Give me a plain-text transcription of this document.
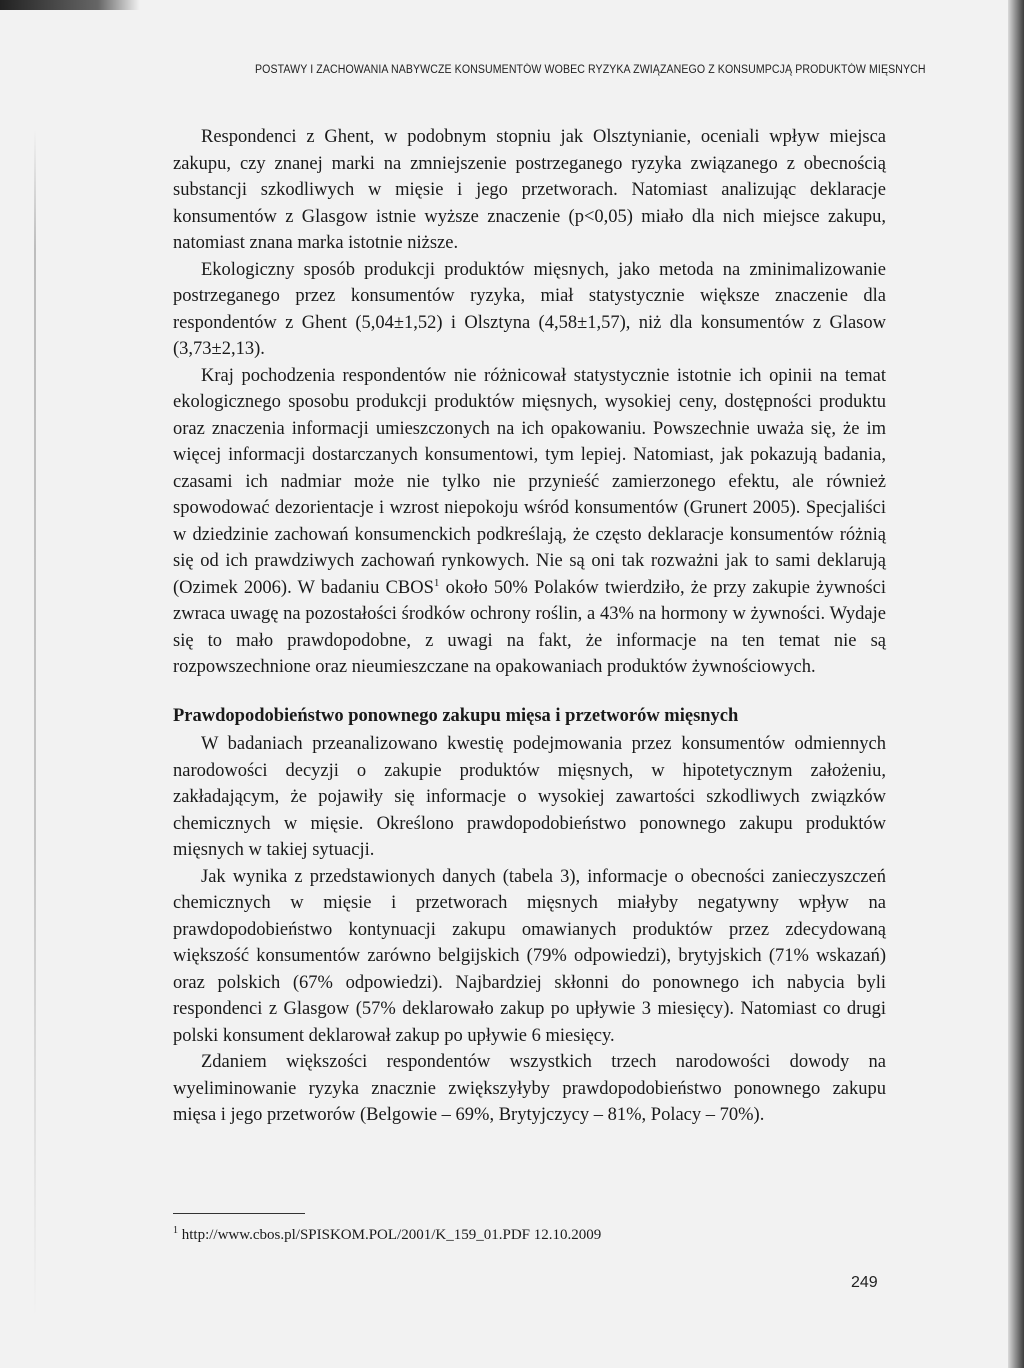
POSTAWY I ZACHOWANIA NABYWCZE KONSUMENTÓW WOBEC RYZYKA ZWIĄZANEGO Z KONSUMPCJĄ PRODUKTÓW MIĘSNYCH

Respondenci z Ghent, w podobnym stopniu jak Olsztynianie, oceniali wpływ miejsca zakupu, czy znanej marki na zmniejszenie postrzeganego ryzyka związanego z obecnością substancji szkodliwych w mięsie i jego przetworach. Natomiast analizując deklaracje konsumentów z Glasgow istnie wyższe znaczenie (p<0,05) miało dla nich miejsce zakupu, natomiast znana marka istotnie niższe.

Ekologiczny sposób produkcji produktów mięsnych, jako metoda na zminimalizowanie postrzeganego przez konsumentów ryzyka, miał statystycznie większe znaczenie dla respondentów z Ghent (5,04±1,52) i Olsztyna (4,58±1,57), niż dla konsumentów z Glasow (3,73±2,13).

Kraj pochodzenia respondentów nie różnicował statystycznie istotnie ich opinii na temat ekologicznego sposobu produkcji produktów mięsnych, wysokiej ceny, dostępności produktu oraz znaczenia informacji umieszczonych na ich opakowaniu. Powszechnie uważa się, że im więcej informacji dostarczanych konsumentowi, tym lepiej. Natomiast, jak pokazują badania, czasami ich nadmiar może nie tylko nie przynieść zamierzonego efektu, ale również spowodować dezorientacje i wzrost niepokoju wśród konsumentów (Grunert 2005). Specjaliści w dziedzinie zachowań konsumenckich podkreślają, że często deklaracje konsumentów różnią się od ich prawdziwych zachowań rynkowych. Nie są oni tak rozważni jak to sami deklarują (Ozimek 2006). W badaniu CBOS$^1$ około 50% Polaków twierdziło, że przy zakupie żywności zwraca uwagę na pozostałości środków ochrony roślin, a 43% na hormony w żywności. Wydaje się to mało prawdopodobne, z uwagi na fakt, że informacje na ten temat nie są rozpowszechnione oraz nieumieszczane na opakowaniach produktów żywnościowych.

Prawdopodobieństwo ponownego zakupu mięsa i przetworów mięsnych

W badaniach przeanalizowano kwestię podejmowania przez konsumentów odmiennych narodowości decyzji o zakupie produktów mięsnych, w hipotetycznym założeniu, zakładającym, że pojawiły się informacje o wysokiej zawartości szkodliwych związków chemicznych w mięsie. Określono prawdopodobieństwo ponownego zakupu produktów mięsnych w takiej sytuacji.

Jak wynika z przedstawionych danych (tabela 3), informacje o obecności zanieczyszczeń chemicznych w mięsie i przetworach mięsnych miałyby negatywny wpływ na prawdopodobieństwo kontynuacji zakupu omawianych produktów przez zdecydowaną większość konsumentów zarówno belgijskich (79% odpowiedzi), brytyjskich (71% wskazań) oraz polskich (67% odpowiedzi). Najbardziej skłonni do ponownego ich nabycia byli respondenci z Glasgow (57% deklarowało zakup po upływie 3 miesięcy). Natomiast co drugi polski konsument deklarował zakup po upływie 6 miesięcy.

Zdaniem większości respondentów wszystkich trzech narodowości dowody na wyeliminowanie ryzyka znacznie zwiększyłyby prawdopodobieństwo ponownego zakupu mięsa i jego przetworów (Belgowie – 69%, Brytyjczycy – 81%, Polacy – 70%).

$^1$ http://www.cbos.pl/SPISKOM.POL/2001/K_159_01.PDF 12.10.2009
249
